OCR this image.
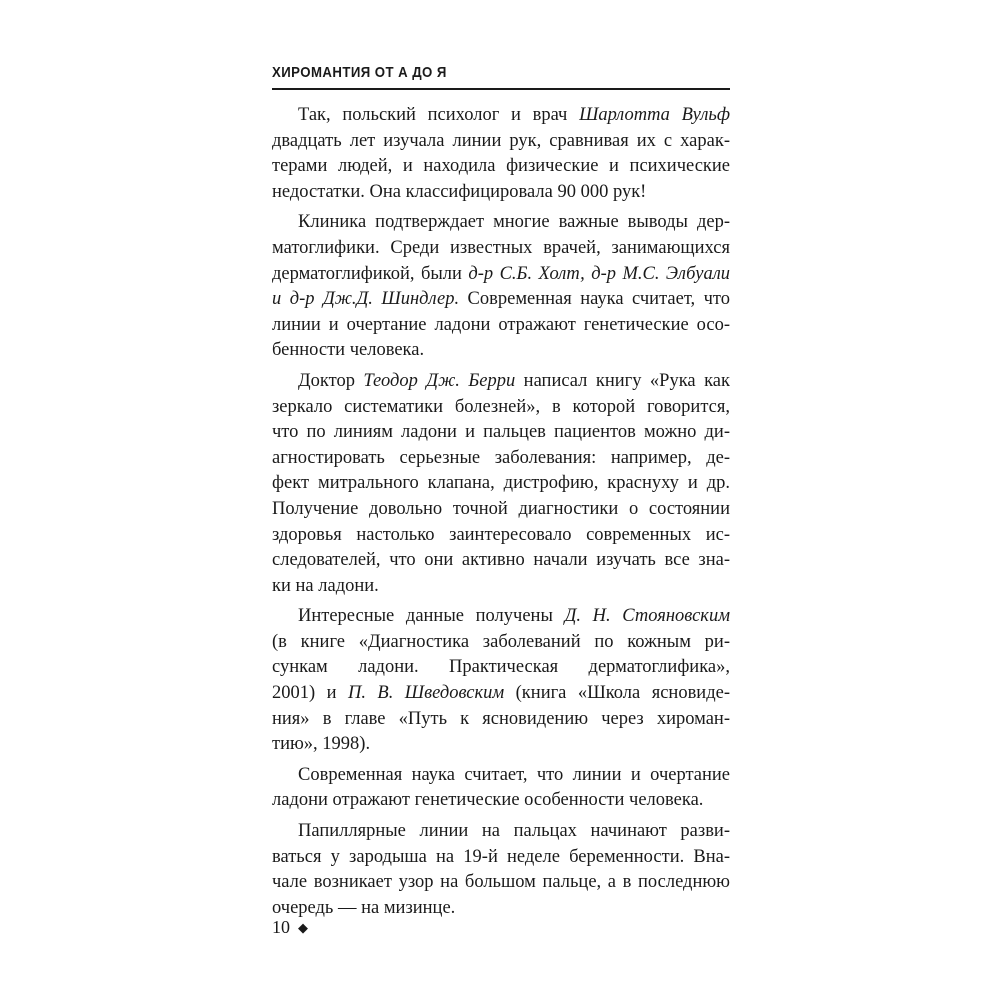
ХИРОМАНТИЯ ОТ А ДО Я
Так, польский психолог и врач Шарлотта Вульф
двадцать лет изучала линии рук, сравнивая их с харак-
терами людей, и находила физические и психические
недостатки. Она классифицировала 90 000 рук!
Клиника подтверждает многие важные выводы дер-
матоглифики. Среди известных врачей, занимающихся
дерматоглификой, были д-р С.Б. Холт, д-р М.С. Элбуали
и д-р Дж.Д. Шиндлер. Современная наука считает, что
линии и очертание ладони отражают генетические осо-
бенности человека.
Доктор Теодор Дж. Берри написал книгу «Рука как
зеркало систематики болезней», в которой говорится,
что по линиям ладони и пальцев пациентов можно ди-
агностировать серьезные заболевания: например, де-
фект митрального клапана, дистрофию, краснуху и др.
Получение довольно точной диагностики о состоянии
здоровья настолько заинтересовало современных ис-
следователей, что они активно начали изучать все зна-
ки на ладони.
Интересные данные получены Д. Н. Стояновским
(в книге «Диагностика заболеваний по кожным ри-
сункам ладони. Практическая дерматоглифика»,
2001) и П. В. Шведовским (книга «Школа ясновиде-
ния» в главе «Путь к ясновидению через хироман-
тию», 1998).
Современная наука считает, что линии и очертание
ладони отражают генетические особенности человека.
Папиллярные линии на пальцах начинают разви-
ваться у зародыша на 19-й неделе беременности. Вна-
чале возникает узор на большом пальце, а в последнюю
очередь — на мизинце.
10 ◆
